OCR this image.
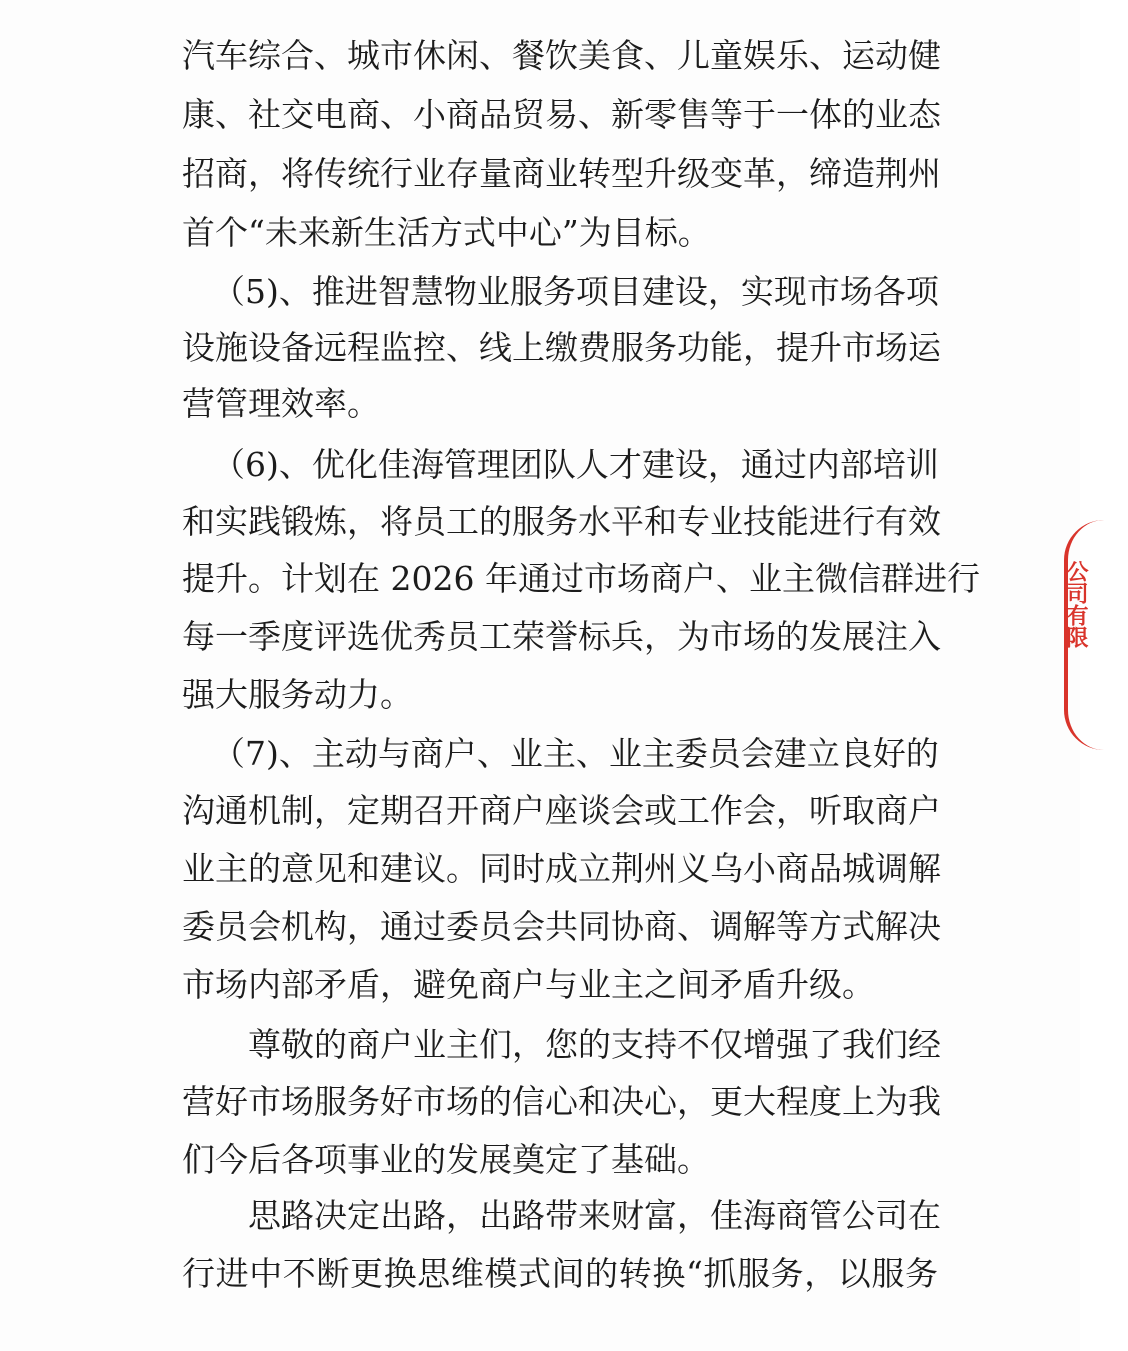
汽车综合、城市休闲、餐饮美食、儿童娱乐、运动健
康、社交电商、小商品贸易、新零售等于一体的业态
招商，将传统行业存量商业转型升级变革，缔造荆州
首个“未来新生活方式中心”为目标。
（5)、推进智慧物业服务项目建设，实现市场各项
设施设备远程监控、线上缴费服务功能，提升市场运
营管理效率。
（6)、优化佳海管理团队人才建设，通过内部培训
和实践锻炼，将员工的服务水平和专业技能进行有效
提升。计划在 2026 年通过市场商户、业主微信群进行
每一季度评选优秀员工荣誉标兵，为市场的发展注入
强大服务动力。
（7)、主动与商户、业主、业主委员会建立良好的
沟通机制，定期召开商户座谈会或工作会，听取商户
业主的意见和建议。同时成立荆州义乌小商品城调解
委员会机构，通过委员会共同协商、调解等方式解决
市场内部矛盾，避免商户与业主之间矛盾升级。
　尊敬的商户业主们，您的支持不仅增强了我们经
营好市场服务好市场的信心和决心，更大程度上为我
们今后各项事业的发展奠定了基础。
　思路决定出路，出路带来财富，佳海商管公司在
行进中不断更换思维模式间的转换“抓服务，以服务
公司有限
